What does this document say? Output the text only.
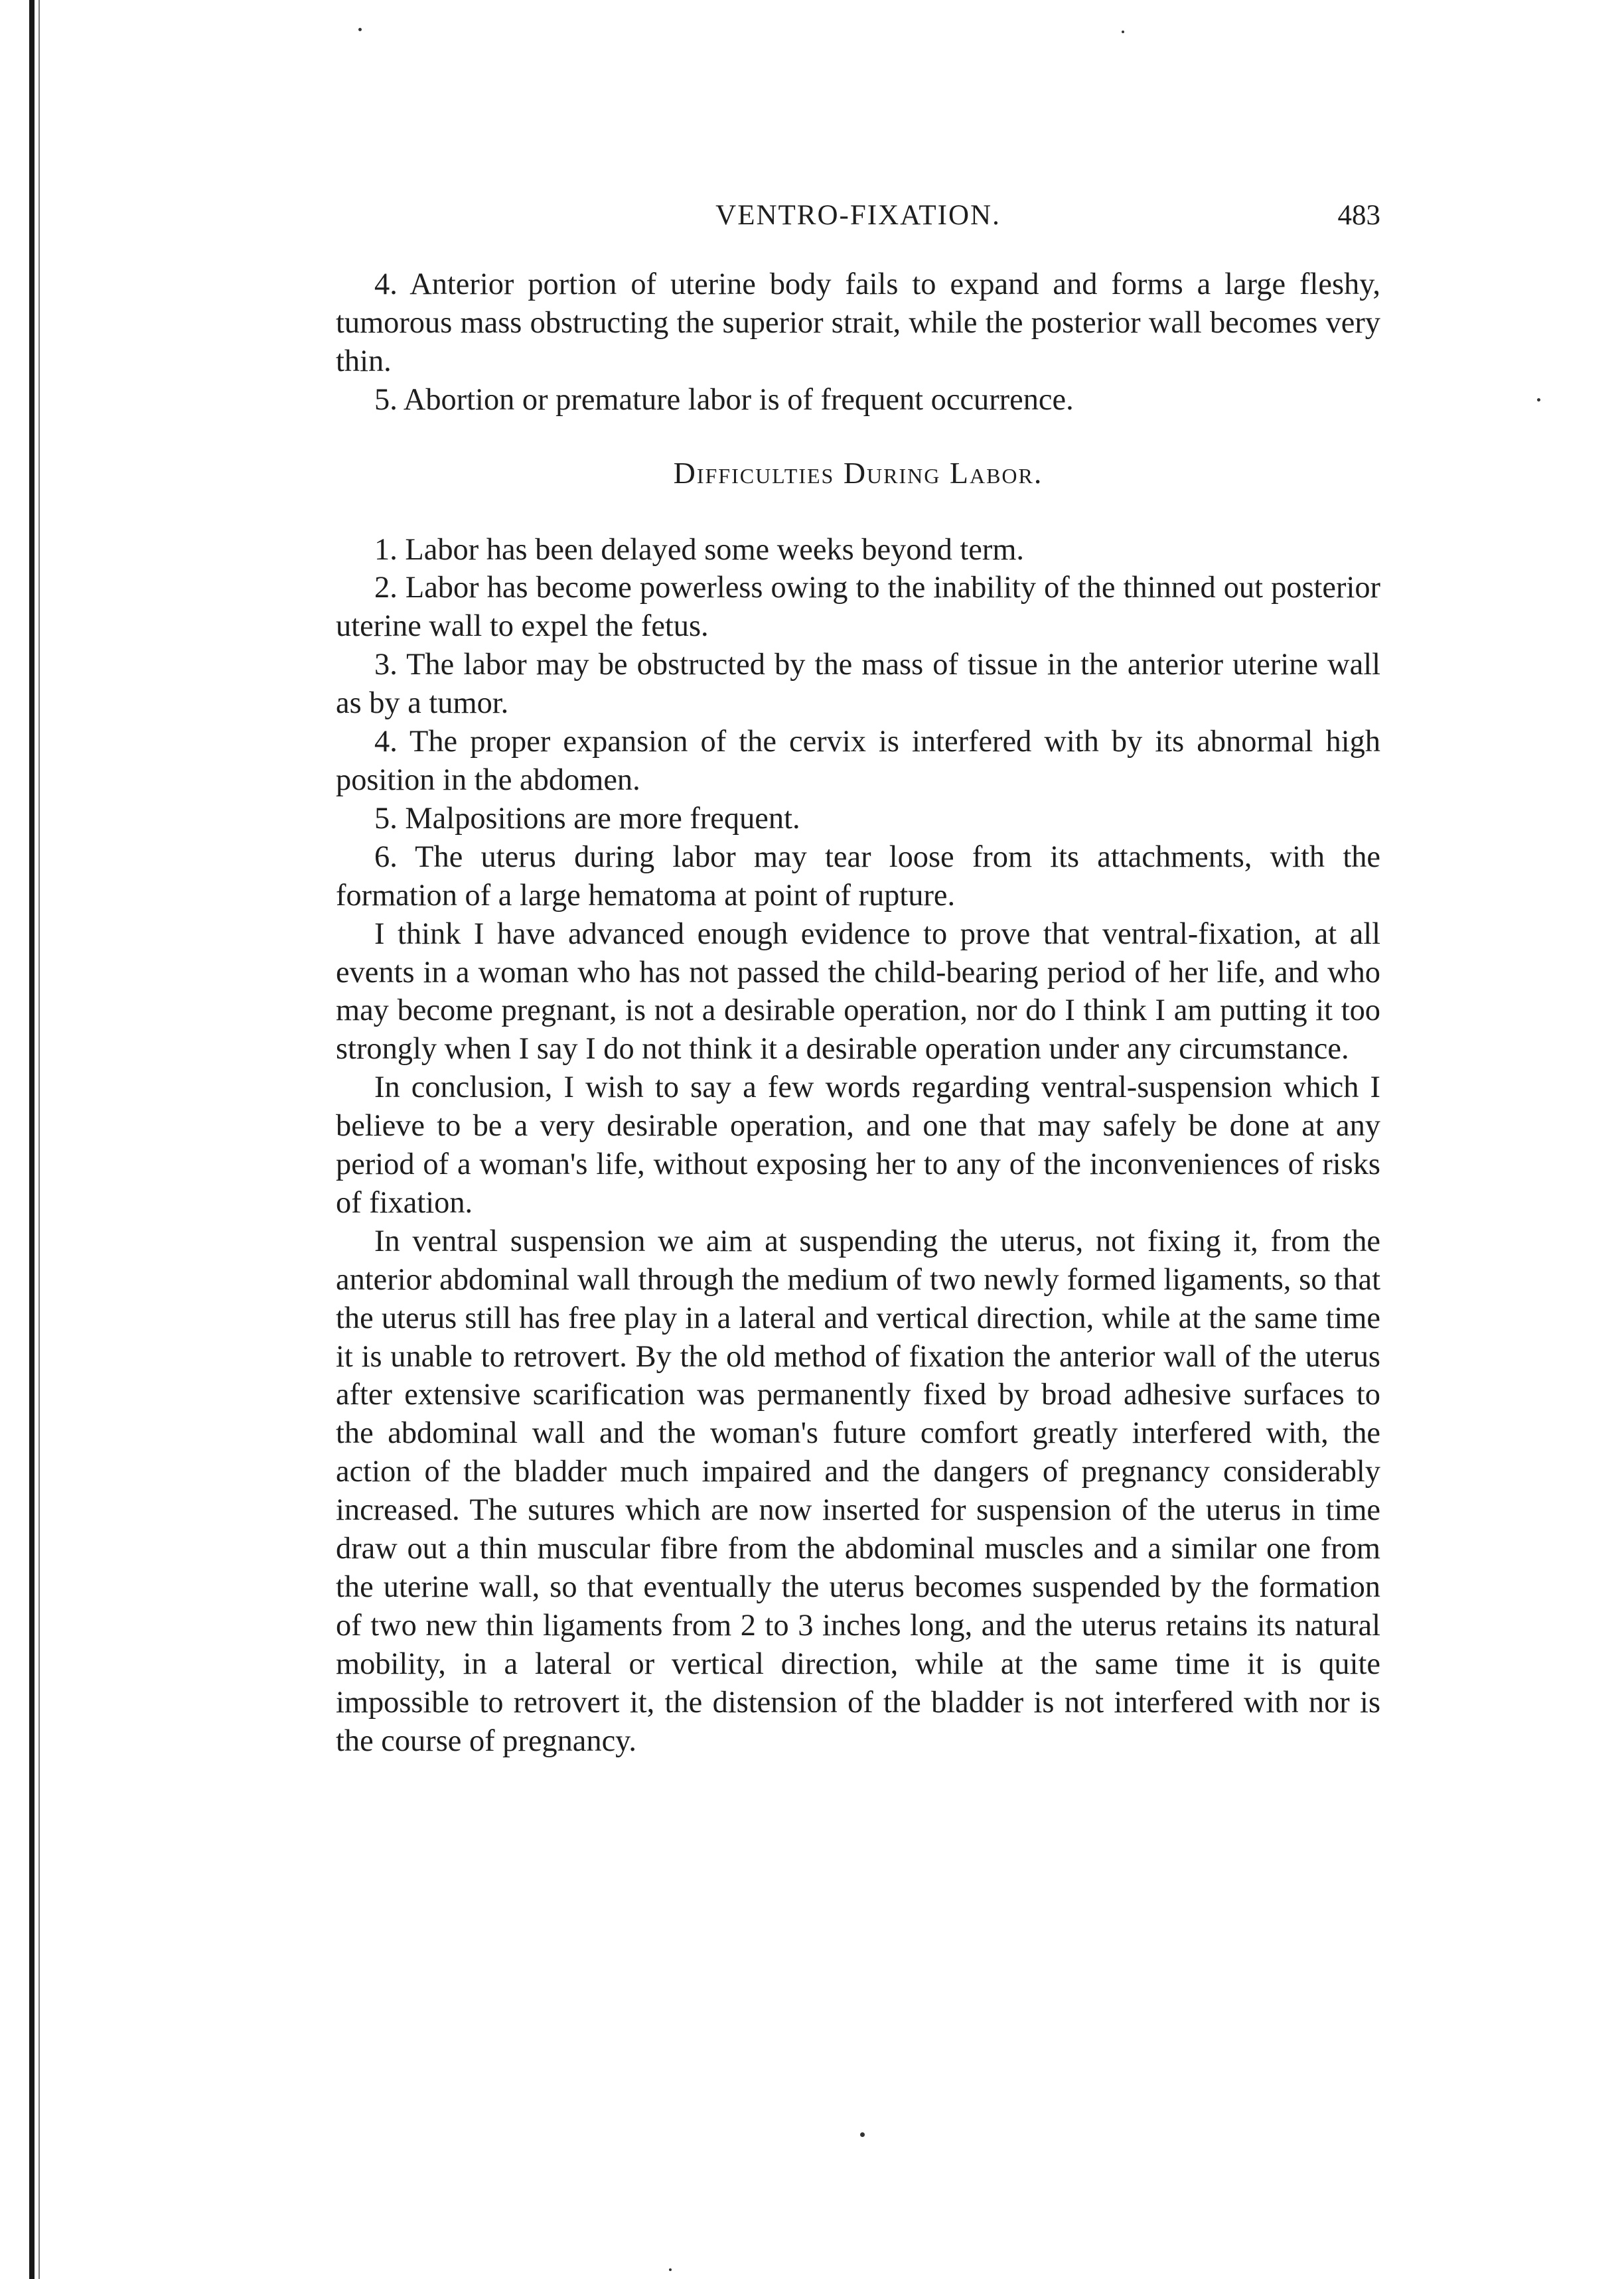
VENTRO-FIXATION.	483

4. Anterior portion of uterine body fails to expand and forms a large fleshy, tumorous mass obstructing the superior strait, while the posterior wall becomes very thin.

5. Abortion or premature labor is of frequent occurrence.

Difficulties During Labor.

1. Labor has been delayed some weeks beyond term.

2. Labor has become powerless owing to the inability of the thinned out posterior uterine wall to expel the fetus.

3. The labor may be obstructed by the mass of tissue in the anterior uterine wall as by a tumor.

4. The proper expansion of the cervix is interfered with by its abnormal high position in the abdomen.

5. Malpositions are more frequent.

6. The uterus during labor may tear loose from its attachments, with the formation of a large hematoma at point of rupture.

I think I have advanced enough evidence to prove that ventral-fixation, at all events in a woman who has not passed the child-bearing period of her life, and who may become pregnant, is not a desirable operation, nor do I think I am putting it too strongly when I say I do not think it a desirable operation under any circumstance.

In conclusion, I wish to say a few words regarding ventral-suspension which I believe to be a very desirable operation, and one that may safely be done at any period of a woman's life, without exposing her to any of the inconveniences of risks of fixation.

In ventral suspension we aim at suspending the uterus, not fixing it, from the anterior abdominal wall through the medium of two newly formed ligaments, so that the uterus still has free play in a lateral and vertical direction, while at the same time it is unable to retrovert. By the old method of fixation the anterior wall of the uterus after extensive scarification was permanently fixed by broad adhesive surfaces to the abdominal wall and the woman's future comfort greatly interfered with, the action of the bladder much impaired and the dangers of pregnancy considerably increased. The sutures which are now inserted for suspension of the uterus in time draw out a thin muscular fibre from the abdominal muscles and a similar one from the uterine wall, so that eventually the uterus becomes suspended by the formation of two new thin ligaments from 2 to 3 inches long, and the uterus retains its natural mobility, in a lateral or vertical direction, while at the same time it is quite impossible to retrovert it, the distension of the bladder is not interfered with nor is the course of pregnancy.
